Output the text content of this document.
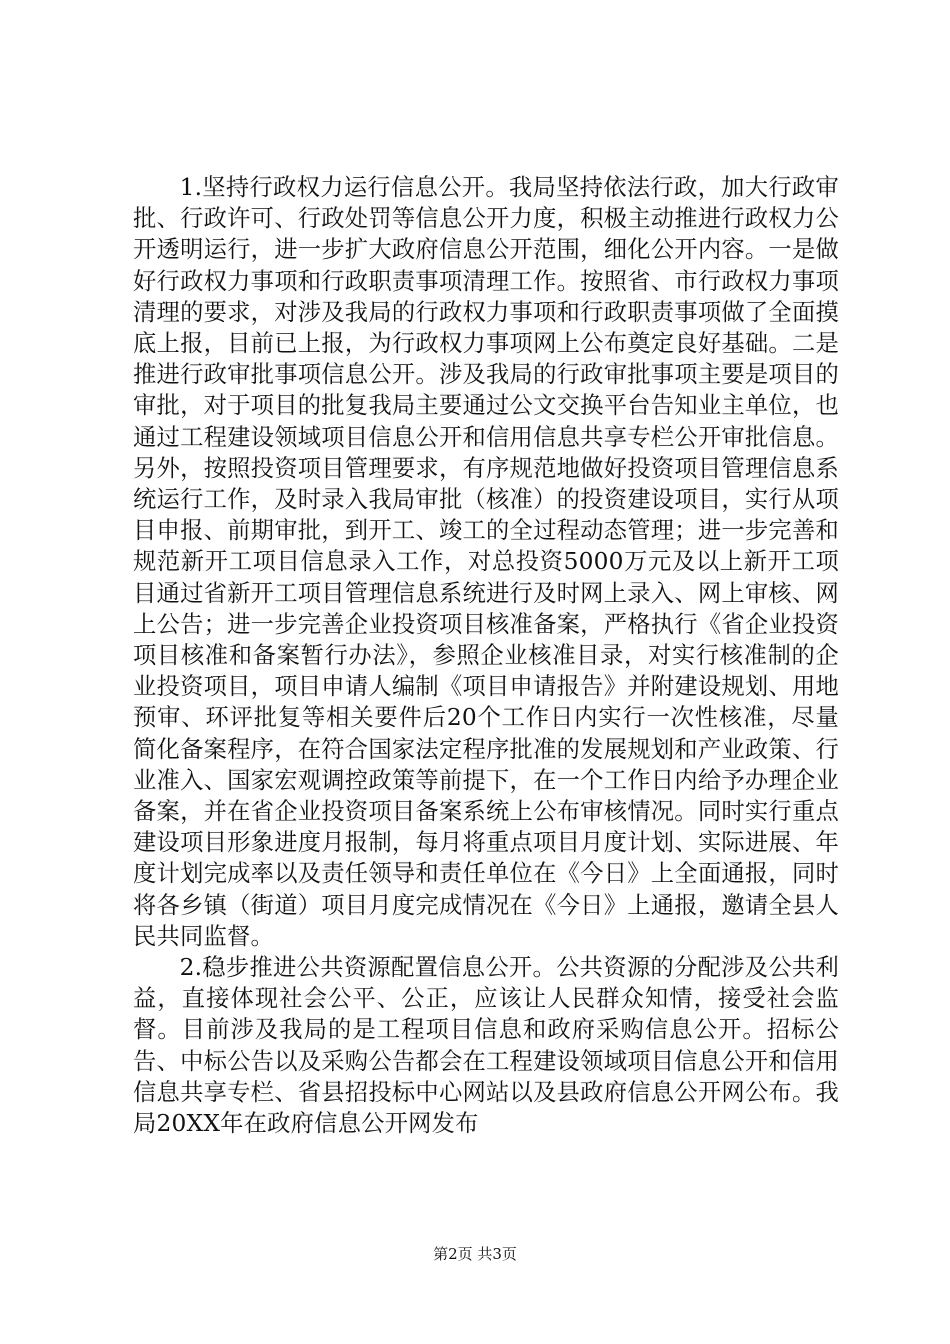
1.坚持行政权力运行信息公开。我局坚持依法行政，加大行政审批、行政许可、行政处罚等信息公开力度，积极主动推进行政权力公开透明运行，进一步扩大政府信息公开范围，细化公开内容。一是做好行政权力事项和行政职责事项清理工作。按照省、市行政权力事项清理的要求，对涉及我局的行政权力事项和行政职责事项做了全面摸底上报，目前已上报，为行政权力事项网上公布奠定良好基础。二是推进行政审批事项信息公开。涉及我局的行政审批事项主要是项目的审批，对于项目的批复我局主要通过公文交换平台告知业主单位，也通过工程建设领域项目信息公开和信用信息共享专栏公开审批信息。另外，按照投资项目管理要求，有序规范地做好投资项目管理信息系统运行工作，及时录入我局审批（核准）的投资建设项目，实行从项目申报、前期审批，到开工、竣工的全过程动态管理；进一步完善和规范新开工项目信息录入工作，对总投资5000万元及以上新开工项目通过省新开工项目管理信息系统进行及时网上录入、网上审核、网上公告；进一步完善企业投资项目核准备案，严格执行《省企业投资项目核准和备案暂行办法》，参照企业核准目录，对实行核准制的企业投资项目，项目申请人编制《项目申请报告》并附建设规划、用地预审、环评批复等相关要件后20个工作日内实行一次性核准，尽量简化备案程序，在符合国家法定程序批准的发展规划和产业政策、行业准入、国家宏观调控政策等前提下，在一个工作日内给予办理企业备案，并在省企业投资项目备案系统上公布审核情况。同时实行重点建设项目形象进度月报制，每月将重点项目月度计划、实际进展、年度计划完成率以及责任领导和责任单位在《今日》上全面通报，同时将各乡镇（街道）项目月度完成情况在《今日》上通报，邀请全县人民共同监督。

2.稳步推进公共资源配置信息公开。公共资源的分配涉及公共利益，直接体现社会公平、公正，应该让人民群众知情，接受社会监督。目前涉及我局的是工程项目信息和政府采购信息公开。招标公告、中标公告以及采购公告都会在工程建设领域项目信息公开和信用信息共享专栏、省县招投标中心网站以及县政府信息公开网公布。我局20XX年在政府信息公开网发布

第2页 共3页
